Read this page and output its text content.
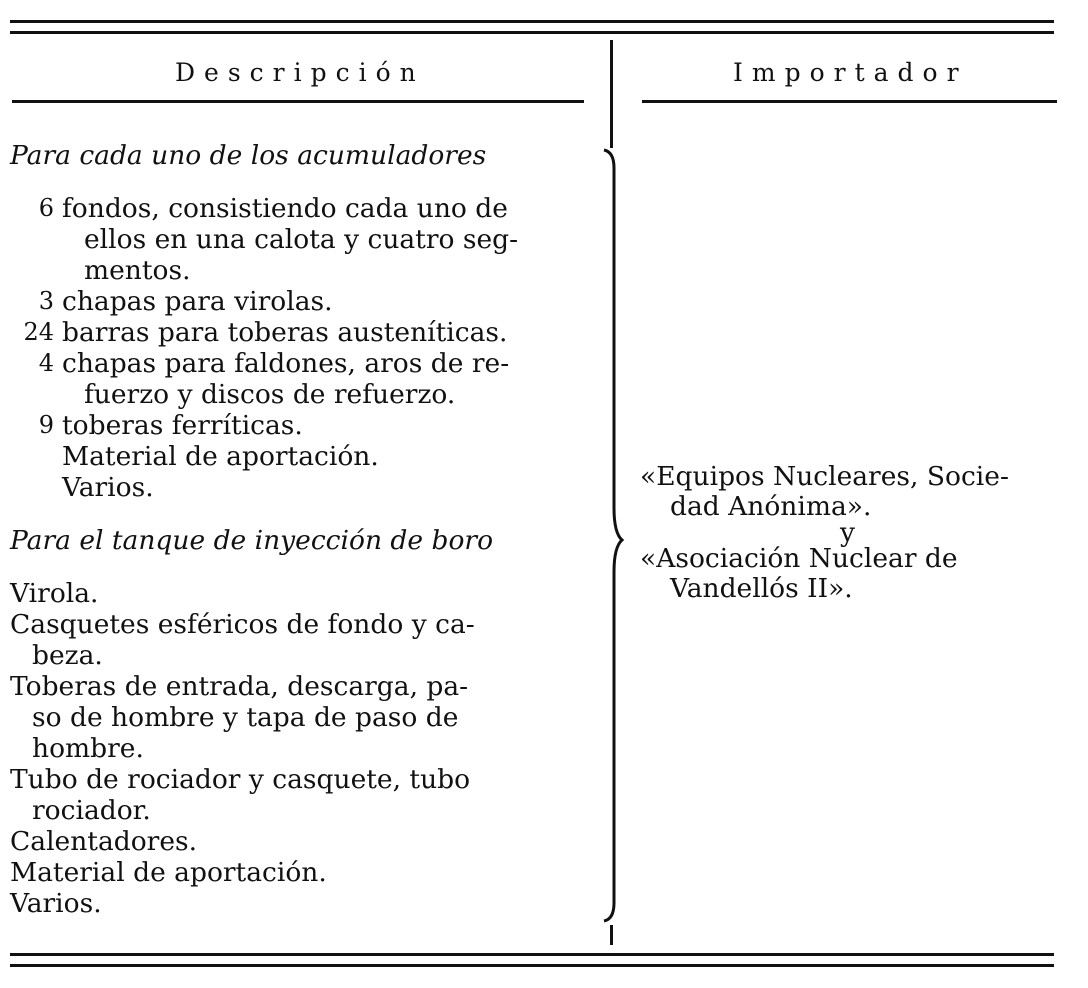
Descripción	Importador

Para cada uno de los acumuladores

6 fondos, consistiendo cada uno de
ellos en una calota y cuatro seg-
mentos.
3 chapas para virolas.
24 barras para toberas austeníticas.
4 chapas para faldones, aros de re-
fuerzo y discos de refuerzo.
9 toberas ferríticas.
Material de aportación.
Varios.

Para el tanque de inyección de boro

Virola.
Casquetes esféricos de fondo y ca-
beza.
Toberas de entrada, descarga, pa-
so de hombre y tapa de paso de
hombre.
Tubo de rociador y casquete, tubo
rociador.
Calentadores.
Material de aportación.
Varios.

«Equipos Nucleares, Socie-

dad Anónima».

y

«Asociación Nuclear de

Vandellós II».
